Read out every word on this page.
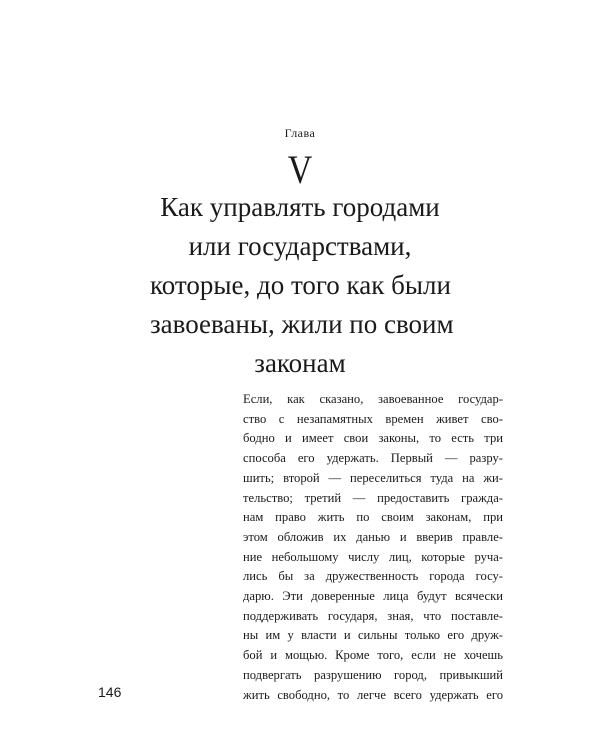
Глава
V
Как управлять городами
или государствами,
которые, до того как были
завоеваны, жили по своим
законам
Если, как сказано, завоеванное государ-
ство с незапамятных времен живет сво-
бодно и имеет свои законы, то есть три
способа его удержать. Первый — разру-
шить; второй — переселиться туда на жи-
тельство; третий — предоставить гражда-
нам право жить по своим законам, при
этом обложив их данью и вверив правле-
ние небольшому числу лиц, которые руча-
лись бы за дружественность города госу-
дарю. Эти доверенные лица будут всячески
поддерживать государя, зная, что поставле-
ны им у власти и сильны только его друж-
бой и мощью. Кроме того, если не хочешь
подвергать разрушению город, привыкший
жить свободно, то легче всего удержать его
146
